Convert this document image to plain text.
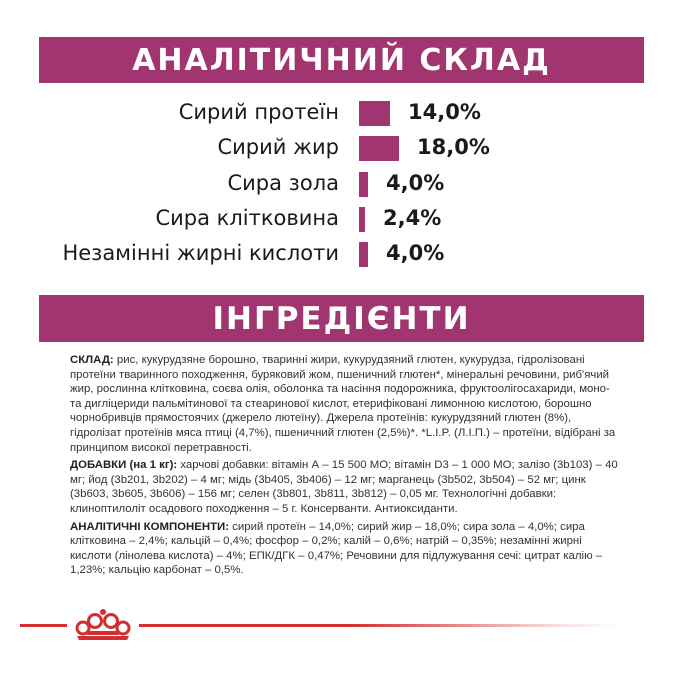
АНАЛІТИЧНИЙ СКЛАД
Сирий протеїн	14,0%
Сирий жир	18,0%
Сира зола 4,0%
Сира клітковина 2,4%
Незамінні жирні кислоти 4,0%
ІНГРЕДІЄНТИ

СКЛАД: рис, кукурудзяне борошно, тваринні жири, кукурудзяний глютен, кукурудза, гідролізовані протеїни тваринного походження, буряковий жом, пшеничний глютен*, мінеральні речовини, риб'ячий жир, рослинна клітковина, соєва олія, оболонка та насіння подорожника, фруктоолігосахариди, моно- та дигліцериди пальмітинової та стеаринової кислот, етерифіковані лимонною кислотою, борошно чорнобривців прямостоячих (джерело лютеїну). Джерела протеїнів: кукурудзяний глютен (8%), гідролізат протеїнів мяса птиці (4,7%), пшеничний глютен (2,5%)*. *L.I.P. (Л.І.П.) – протеїни, відібрані за принципом високої перетравності.

ДОБАВКИ (на 1 кг): харчові добавки: вітамін А – 15 500 МО; вітамін D3 – 1 000 МО; залізо (3b103) – 40 мг; йод (3b201, 3b202) – 4 мг; мідь (3b405, 3b406) – 12 мг; марганець (3b502, 3b504) – 52 мг; цинк (3b603, 3b605, 3b606) – 156 мг; селен (3b801, 3b811, 3b812) – 0,05 мг. Технологічні добавки: клиноптилоліт осадового походження – 5 г. Консерванти. Антиоксиданти.

АНАЛІТИЧНІ КОМПОНЕНТИ: сирий протеїн – 14,0%; сирий жир – 18,0%; сира зола – 4,0%; сира клітковина – 2,4%; кальцій – 0,4%; фосфор – 0,2%; калій – 0,6%; натрій – 0,35%; незамінні жирні кислоти (лінолева кислота) – 4%; ЕПК/ДГК – 0,47%; Речовини для підлужування сечі: цитрат калію – 1,23%; кальцію карбонат – 0,5%.
